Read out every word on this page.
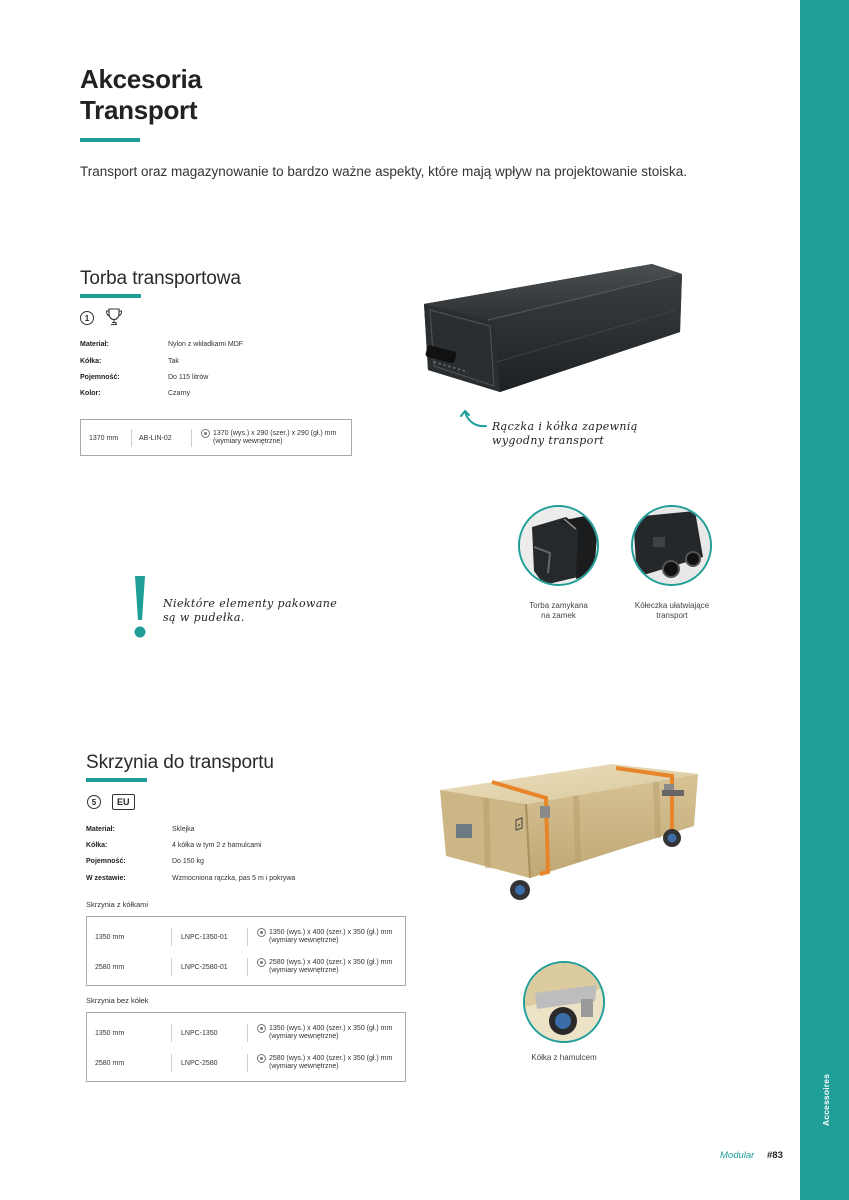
Accessoires
Akcesoria
Transport
Transport oraz magazynowanie to bardzo ważne aspekty, które mają wpływ na projektowanie stoiska.
Torba transportowa
1
Materiał:	Nylon z wkładkami MDF
Kółka:	Tak
Pojemność:	Do 115 litrów
Kolor:	Czarny
1370 mm	AB-LIN-02
1370 (wys.) x 290 (szer.) x 290 (gł.) mm
(wymiary wewnętrzne)
Rączka i kółka zapewnią
wygodny transport
Torba zamykana
na zamek
Kółeczka ułatwiające
transport
Niektóre elementy pakowane
są w pudełka.
Skrzynia do transportu
5	EU
Materiał:	Sklejka
Kółka:	4 kółka w tym 2 z hamulcami
Pojemność:	Do 150 kg
W zestawie:	Wzmocniona rączka, pas 5 m i pokrywa
Skrzynia z kółkami
1350 mm	LNPC-1350-01
1350 (wys.) x 400 (szer.) x 350 (gł.) mm
(wymiary wewnętrzne)
2580 mm	LNPC-2580-01
2580 (wys.) x 400 (szer.) x 350 (gł.) mm
(wymiary wewnętrzne)
Skrzynia bez kółek
1350 mm	LNPC-1350
1350 (wys.) x 400 (szer.) x 350 (gł.) mm
(wymiary wewnętrzne)
2580 mm	LNPC-2580
2580 (wys.) x 400 (szer.) x 350 (gł.) mm
(wymiary wewnętrzne)
Kółka z hamulcem
Modular #83
